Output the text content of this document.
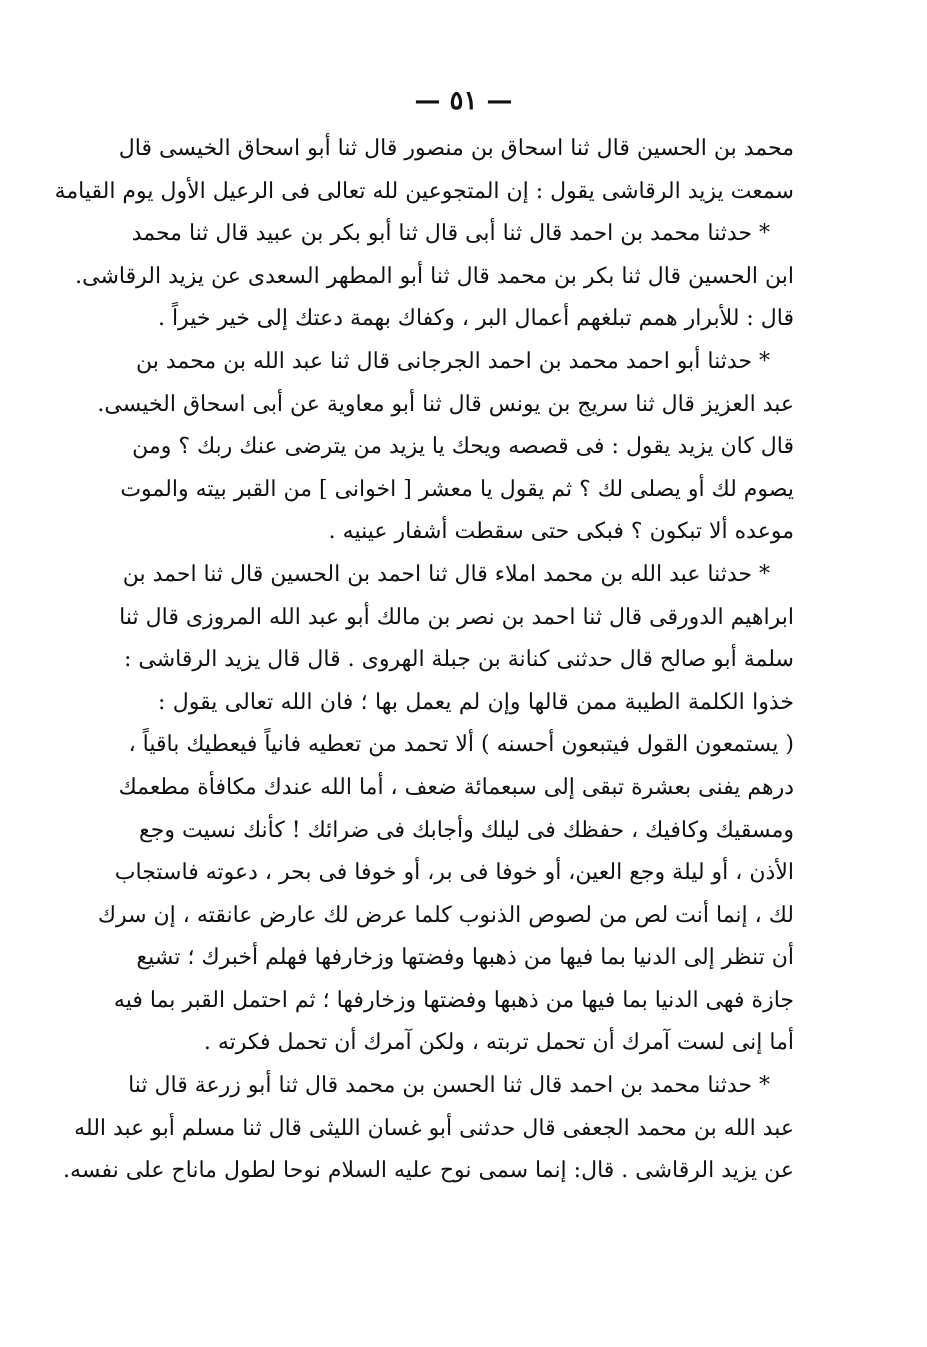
— ٥١ —
محمد بن الحسين قال ثنا اسحاق بن منصور قال ثنا أبو اسحاق الخيسى قال
سمعت يزيد الرقاشى يقول : إن المتجوعين لله تعالى فى الرعيل الأول يوم القيامة
* حدثنا محمد بن احمد قال ثنا أبى قال ثنا أبو بكر بن عبيد قال ثنا محمد
ابن الحسين قال ثنا بكر بن محمد قال ثنا أبو المطهر السعدى عن يزيد الرقاشى.
قال : للأبرار همم تبلغهم أعمال البر ، وكفاك بهمة دعتك إلى خير خيراً .
* حدثنا أبو احمد محمد بن احمد الجرجانى قال ثنا عبد الله بن محمد بن
عبد العزيز قال ثنا سريج بن يونس قال ثنا أبو معاوية عن أبى اسحاق الخيسى.
قال كان يزيد يقول : فى قصصه ويحك يا يزيد من يترضى عنك ربك ؟ ومن
يصوم لك أو يصلى لك ؟ ثم يقول يا معشر [ اخوانى ] من القبر بيته والموت
موعده ألا تبكون ؟ فبكى حتى سقطت أشفار عينيه .
* حدثنا عبد الله بن محمد املاء قال ثنا احمد بن الحسين قال ثنا احمد بن
ابراهيم الدورقى قال ثنا احمد بن نصر بن مالك أبو عبد الله المروزى قال ثنا
سلمة أبو صالح قال حدثنى كنانة بن جبلة الهروى . قال قال يزيد الرقاشى :
خذوا الكلمة الطيبة ممن قالها وإن لم يعمل بها ؛ فان الله تعالى يقول :
( يستمعون القول فيتبعون أحسنه ) ألا تحمد من تعطيه فانياً فيعطيك باقياً ،
درهم يفنى بعشرة تبقى إلى سبعمائة ضعف ، أما الله عندك مكافأة مطعمك
ومسقيك وكافيك ، حفظك فى ليلك وأجابك فى ضرائك ! كأنك نسيت وجع
الأذن ، أو ليلة وجع العين، أو خوفا فى بر، أو خوفا فى بحر ، دعوته فاستجاب
لك ، إنما أنت لص من لصوص الذنوب كلما عرض لك عارض عانقته ، إن سرك
أن تنظر إلى الدنيا بما فيها من ذهبها وفضتها وزخارفها فهلم أخبرك ؛ تشيع
جازة فهى الدنيا بما فيها من ذهبها وفضتها وزخارفها ؛ ثم احتمل القبر بما فيه
أما إنى لست آمرك أن تحمل تربته ، ولكن آمرك أن تحمل فكرته .
* حدثنا محمد بن احمد قال ثنا الحسن بن محمد قال ثنا أبو زرعة قال ثنا
عبد الله بن محمد الجعفى قال حدثنى أبو غسان الليثى قال ثنا مسلم أبو عبد الله
عن يزيد الرقاشى . قال: إنما سمى نوح عليه السلام نوحا لطول ماناح على نفسه.
